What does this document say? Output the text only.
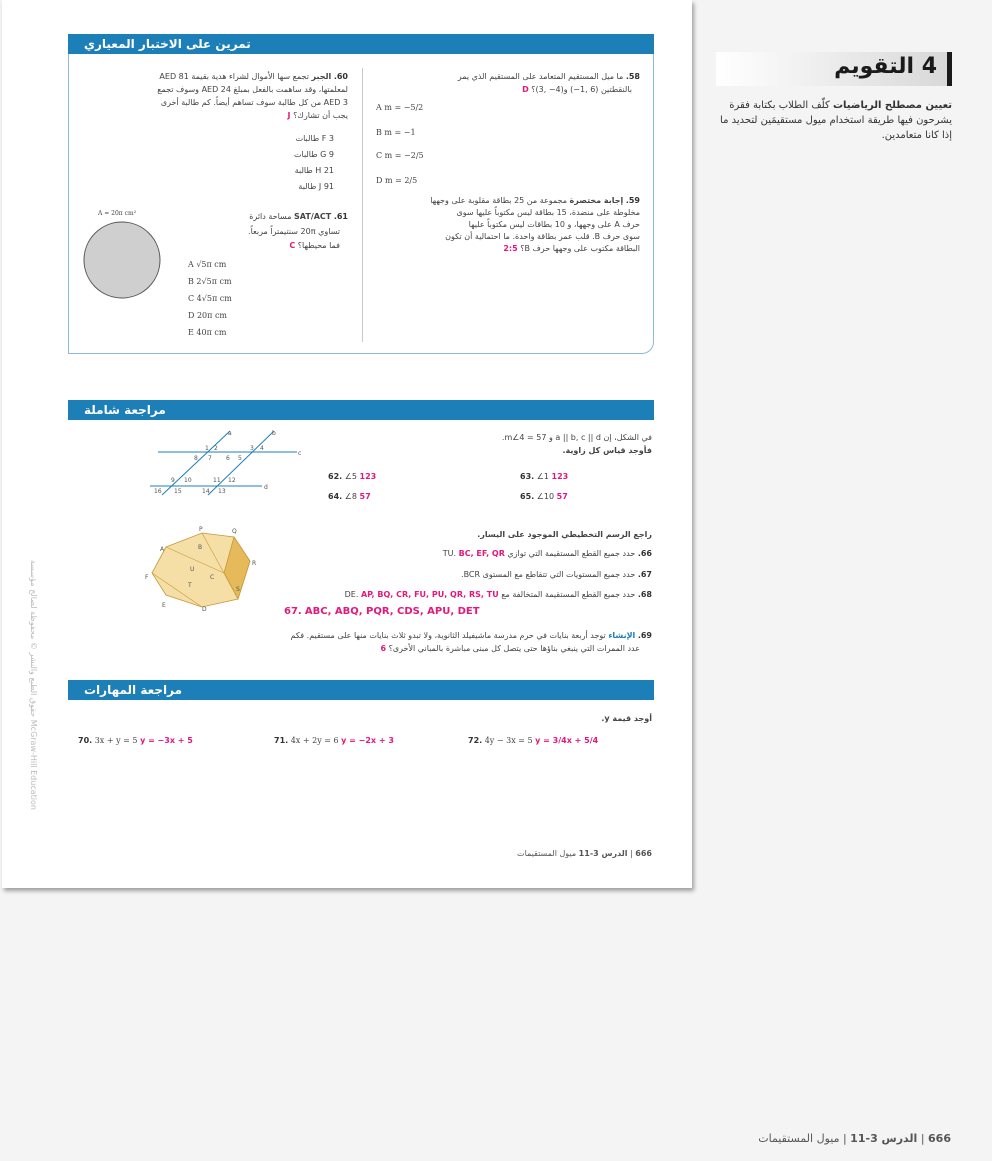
تمرين على الاختبار المعياري
58. ما ميل المستقيم المتعامد على المستقيم الذي يمر
بالنقطتين (6 ,1−) و(4− ,3)؟ D
A m = −5/2
B m = −1
C m = −2/5
D m = 2/5
59. إجابة مختصرة مجموعة من 25 بطاقة مقلوبة على وجهها
مخلوطة على منضدة، 15 بطاقة ليس مكتوباً عليها سوى
حرف A على وجهها، و 10 بطاقات ليس مكتوباً عليها
سوى حرف B. قلب عمر بطاقة واحدة. ما احتمالية أن تكون
البطاقة مكتوب على وجهها حرف B؟ 2:5
60. الجبر تجمع سها الأموال لشراء هدية بقيمة AED 81
لمعلمتها، وقد ساهمت بالفعل بمبلغ AED 24 وسوف تجمع
AED 3 من كل طالبة سوف تساهم أيضاً. كم طالبة أخرى
يجب أن تشارك؟ J
3 F طالبات
9 G طالبات
21 H طالبة
91 J طالبة
61. SAT/ACT مساحة دائرة
تساوي 20π سنتيمتراً مربعاً.
فما محيطها؟ C
A = 20π cm²
A √5π cm
B 2√5π cm
C 4√5π cm
D 20π cm
E 40π cm
مراجعة شاملة
في الشكل، إن a || b, c || d و m∠4 = 57.
فأوجد قياس كل زاوية.
a	b
c
d
1 2	3 4
5
6
7
8
9 10	11 12
13
14
15
16
62. ∠5 123	63. ∠1 123
64. ∠8 57	65. ∠10 57
P	Q
A	B
R
U
F	C
T
S
E
D
راجع الرسم التخطيطي الموجود على اليسار.
66. حدد جميع القطع المستقيمة التي توازي TU. BC, EF, QR
67. حدد جميع المستويات التي تتقاطع مع المستوى BCR.
68. حدد جميع القطع المستقيمة المتخالفة مع DE. AP, BQ, CR, FU, PU, QR, RS, TU
67. ABC, ABQ, PQR, CDS, APU, DET
69. الإنشاء توجد أربعة بنايات في حرم مدرسة ماشيفيلد الثانوية، ولا تبدو ثلاث بنايات منها على مستقيم. فكم
عدد الممرات التي ينبغي بناؤها حتى يتصل كل مبنى مباشرة بالمباني الأخرى؟ 6
مراجعة المهارات
أوجد قيمة y.
70. 3x + y = 5 y = −3x + 5	71. 4x + 2y = 6 y = −2x + 3	72. 4y − 3x = 5 y = 3/4x + 5/4
حقوق الطبع والنشر © محفوظة لصالح مؤسسة McGraw-Hill Education
666 | الدرس 3-11 ميول المستقيمات
4 التقويم
تعيين مصطلح الرياضيات كلّف الطلاب بكتابة فقرة يشرحون فيها طريقة استخدام ميول مستقيمَين لتحديد ما إذا كانا متعامدين.
666 | الدرس 3-11 | ميول المستقيمات
